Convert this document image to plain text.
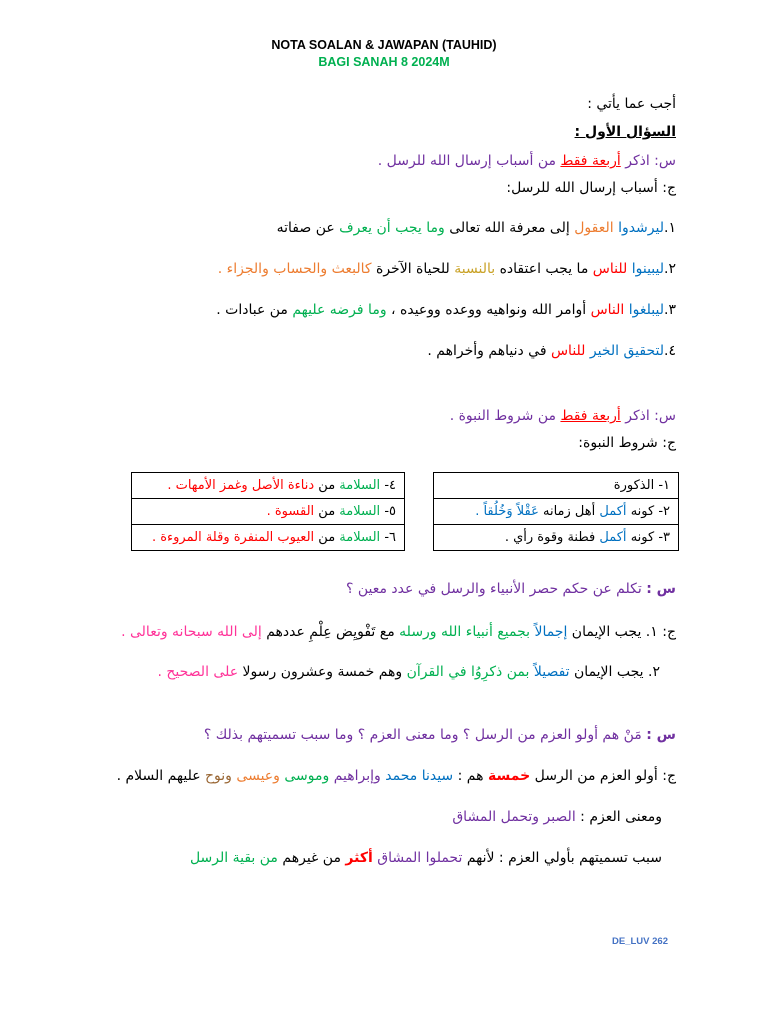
NOTA SOALAN & JAWAPAN (TAUHID)
BAGI SANAH 8 2024M
أجب عما يأتي :
السؤال الأول :
س: اذكر أربعة فقط من أسباب إرسال الله للرسل .
ج: أسباب إرسال الله للرسل:
١.ليرشدوا العقول إلى معرفة الله تعالى وما يجب أن يعرف عن صفاته
٢.ليبينوا للناس ما يجب اعتقاده بالنسبة للحياة الآخرة كالبعث والحساب والجزاء .
٣.ليبلغوا الناس أوامر الله ونواهيه ووعده ووعيده ، وما فرضه عليهم من عبادات .
٤.لتحقيق الخير للناس في دنياهم وأخراهم .
س: اذكر أربعة فقط من شروط النبوة .
ج: شروط النبوة:
١- الذكورة
٢- كونه أكمل أهل زمانه عَقْلاً وَخُلُقاً .
٣- كونه أكمل فطنة وقوة رأي .
٤- السلامة من دناءة الأصل وغمز الأمهات .
٥- السلامة من القسوة .
٦- السلامة من العيوب المنفرة وقلة المروءة .
س : تكلم عن حكم حصر الأنبياء والرسل في عدد معين ؟
ج: ١. يجب الإيمان إجمالاً بجميع أنبياء الله ورسله مع تَفْويِض عِلْمِ عددهم إلى الله سبحانه وتعالى .
٢. يجب الإيمان تفصيلاً بمن ذكرِوُا في القرآن وهم خمسة وعشرون رسولا على الصحيح .
س : مَنْ هم أولو العزم من الرسل ؟ وما معنى العزم ؟ وما سبب تسميتهم بذلك ؟
ج: أولو العزم من الرسل خمسة هم : سيدنا محمد وإبراهيم وموسى وعيسى ونوح عليهم السلام .
ومعنى العزم : الصبر وتحمل المشاق
سبب تسميتهم بأولي العزم : لأنهم تحملوا المشاق أكثر من غيرهم من بقية الرسل
DE_LUV 262
